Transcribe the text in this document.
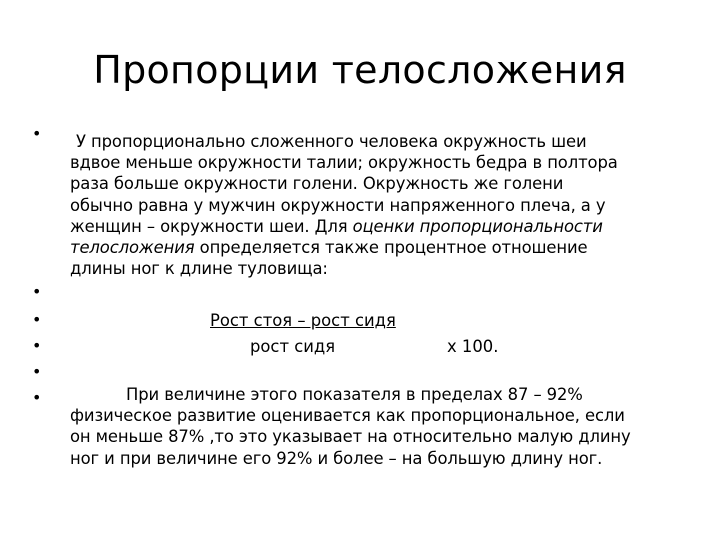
Пропорции телосложения
•
•
•
•
•
•
У пропорционально сложенного человека окружность шеи
вдвое меньше окружности талии; окружность бедра в полтора
раза больше окружности голени. Окружность же голени
обычно равна у мужчин окружности напряженного плеча, а у
женщин – окружности шеи. Для оценки пропорциональности
телосложения определяется также процентное отношение
длины ног к длине туловища:
Рост стоя – рост сидя
рост сидя	х 100.
При величине этого показателя в пределах 87 – 92%
физическое развитие оценивается как пропорциональное, если
он меньше 87% ,то это указывает на относительно малую длину
ног и при величине его 92% и более – на большую длину ног.
